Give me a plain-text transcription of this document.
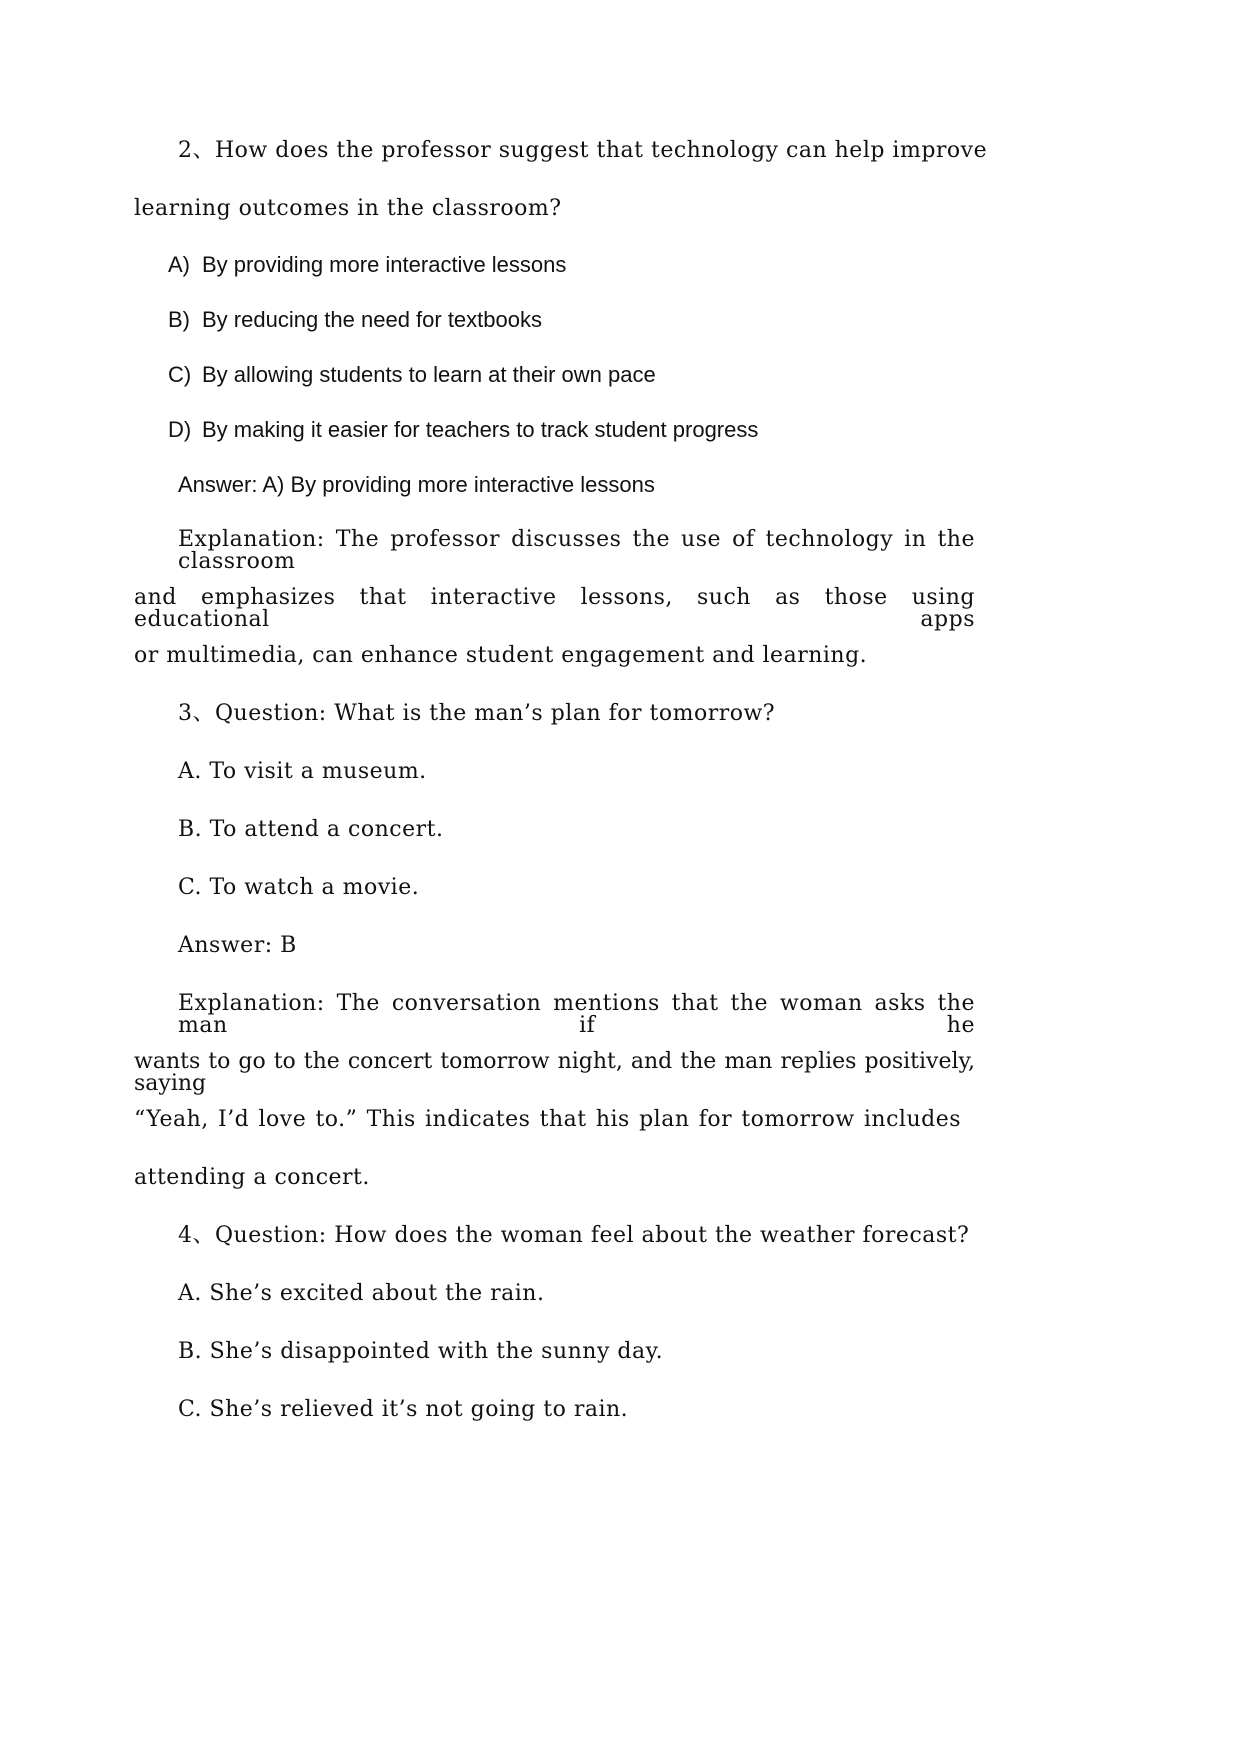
2、How does the professor suggest that technology can help improve
learning outcomes in the classroom?
A) By providing more interactive lessons
B) By reducing the need for textbooks
C) By allowing students to learn at their own pace
D) By making it easier for teachers to track student progress
Answer: A) By providing more interactive lessons
Explanation: The professor discusses the use of technology in the classroom
and emphasizes that interactive lessons, such as those using educational apps
or multimedia, can enhance student engagement and learning.
3、Question: What is the man’s plan for tomorrow?
A. To visit a museum.
B. To attend a concert.
C. To watch a movie.
Answer: B
Explanation: The conversation mentions that the woman asks the man if he
wants to go to the concert tomorrow night, and the man replies positively, saying
“Yeah, I’d love to.” This indicates that his plan for tomorrow includes
attending a concert.
4、Question: How does the woman feel about the weather forecast?
A. She’s excited about the rain.
B. She’s disappointed with the sunny day.
C. She’s relieved it’s not going to rain.
